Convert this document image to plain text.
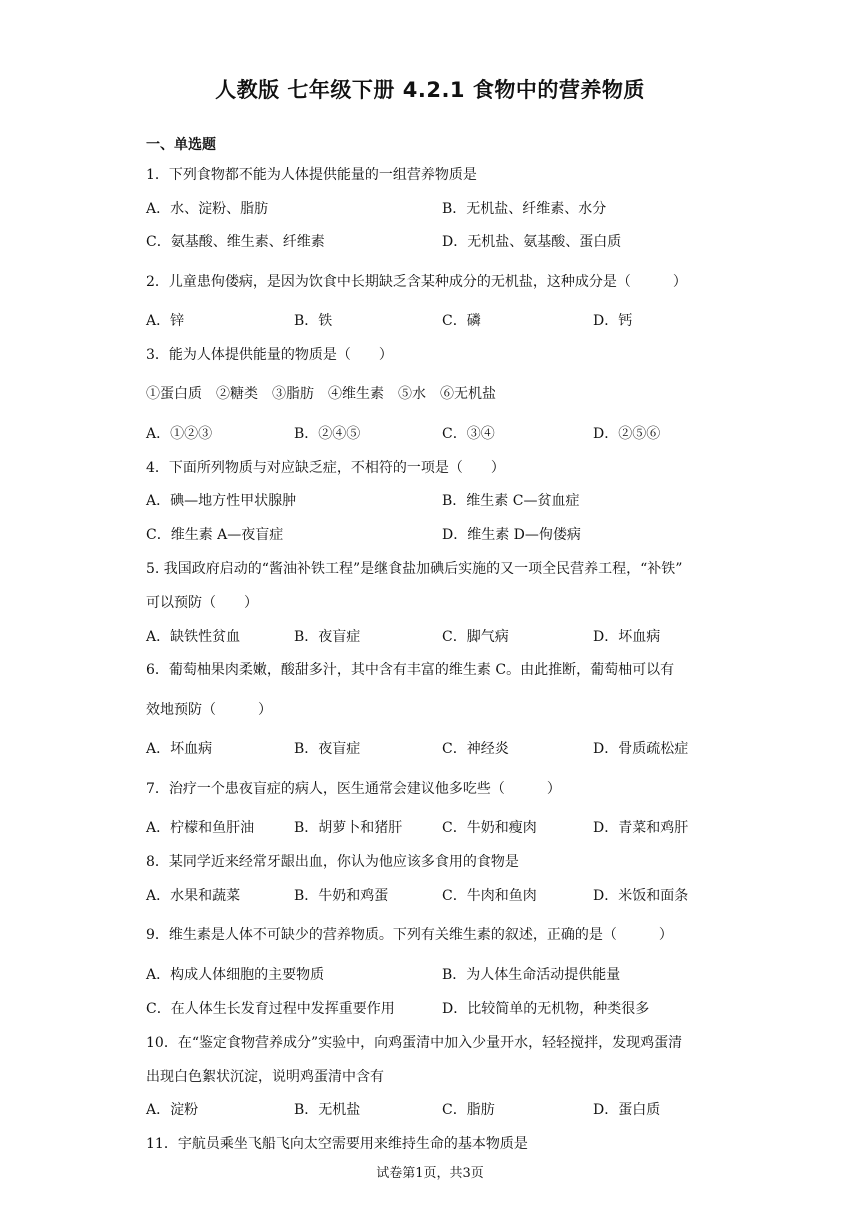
人教版 七年级下册 4.2.1 食物中的营养物质
一、单选题
1．下列食物都不能为人体提供能量的一组营养物质是
A．水、淀粉、脂肪	B．无机盐、纤维素、水分
C．氨基酸、维生素、纤维素	D．无机盐、氨基酸、蛋白质
2．儿童患佝偻病，是因为饮食中长期缺乏含某种成分的无机盐，这种成分是（　　　）
A．锌	B．铁	C．磷	D．钙
3．能为人体提供能量的物质是（　　）
①蛋白质　②糖类　③脂肪　④维生素　⑤水　⑥无机盐
A．①②③	B．②④⑤	C．③④	D．②⑤⑥
4．下面所列物质与对应缺乏症，不相符的一项是（　　）
A．碘—地方性甲状腺肿	B．维生素 C—贫血症
C．维生素 A—夜盲症	D．维生素 D—佝偻病
5. 我国政府启动的“酱油补铁工程”是继食盐加碘后实施的又一项全民营养工程，“补铁”
可以预防（　　）
A．缺铁性贫血	B．夜盲症	C．脚气病	D．坏血病
6．葡萄柚果肉柔嫩，酸甜多汁，其中含有丰富的维生素 C。由此推断，葡萄柚可以有
效地预防（　　　）
A．坏血病	B．夜盲症	C．神经炎	D．骨质疏松症
7．治疗一个患夜盲症的病人，医生通常会建议他多吃些（　　　）
A．柠檬和鱼肝油	B．胡萝卜和猪肝	C．牛奶和瘦肉	D．青菜和鸡肝
8．某同学近来经常牙龈出血，你认为他应该多食用的食物是
A．水果和蔬菜	B．牛奶和鸡蛋	C．牛肉和鱼肉	D．米饭和面条
9．维生素是人体不可缺少的营养物质。下列有关维生素的叙述，正确的是（　　　）
A．构成人体细胞的主要物质	B．为人体生命活动提供能量
C．在人体生长发育过程中发挥重要作用	D．比较简单的无机物，种类很多
10．在“鉴定食物营养成分”实验中，向鸡蛋清中加入少量开水，轻轻搅拌，发现鸡蛋清
出现白色絮状沉淀，说明鸡蛋清中含有
A．淀粉	B．无机盐	C．脂肪	D．蛋白质
11．宇航员乘坐飞船飞向太空需要用来维持生命的基本物质是
试卷第1页，共3页
